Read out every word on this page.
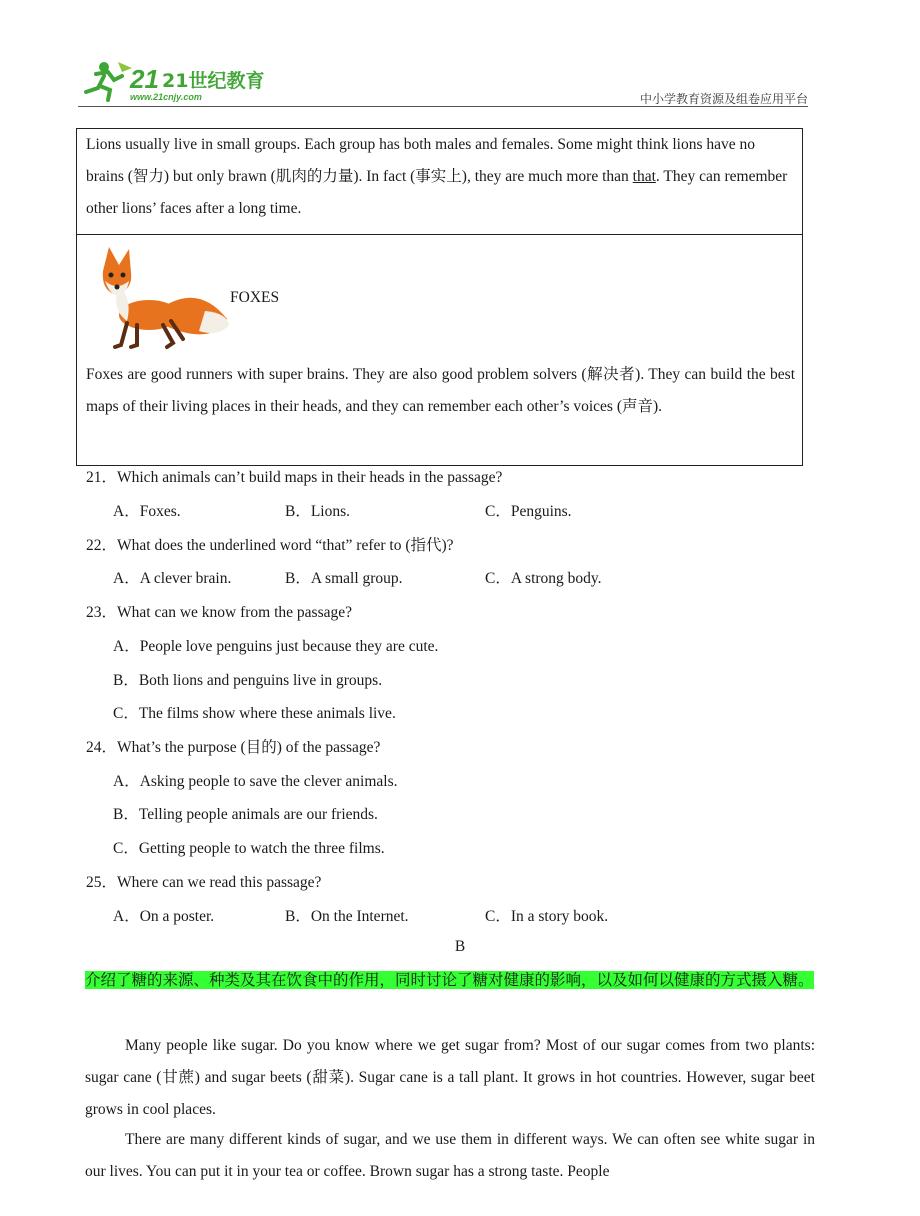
21 21世纪教育
www.21cnjy.com	中小学教育资源及组卷应用平台
Lions usually live in small groups. Each group has both males and females. Some might think lions have no brains (智力) but only brawn (肌肉的力量). In fact (事实上), they are much more than that. They can remember other lions’ faces after a long time.
FOXES
Foxes are good runners with super brains. They are also good problem solvers (解决者). They can build the best maps of their living places in their heads, and they can remember each other’s voices (声音).
21．Which animals can’t build maps in their heads in the passage?
A．Foxes.	B．Lions.	C．Penguins.
22．What does the underlined word “that” refer to (指代)?
A．A clever brain.	B．A small group.	C．A strong body.
23．What can we know from the passage?
A．People love penguins just because they are cute.
B．Both lions and penguins live in groups.
C．The films show where these animals live.
24．What’s the purpose (目的) of the passage?
A．Asking people to save the clever animals.
B．Telling people animals are our friends.
C．Getting people to watch the three films.
25．Where can we read this passage?
A．On a poster.	B．On the Internet.	C．In a story book.
B
介绍了糖的来源、种类及其在饮食中的作用，同时讨论了糖对健康的影响，以及如何以健康的方式摄入糖。
Many people like sugar. Do you know where we get sugar from? Most of our sugar comes from two plants: sugar cane (甘蔗) and sugar beets (甜菜). Sugar cane is a tall plant. It grows in hot countries. However, sugar beet grows in cool places.
There are many different kinds of sugar, and we use them in different ways. We can often see white sugar in our lives. You can put it in your tea or coffee. Brown sugar has a strong taste. People
